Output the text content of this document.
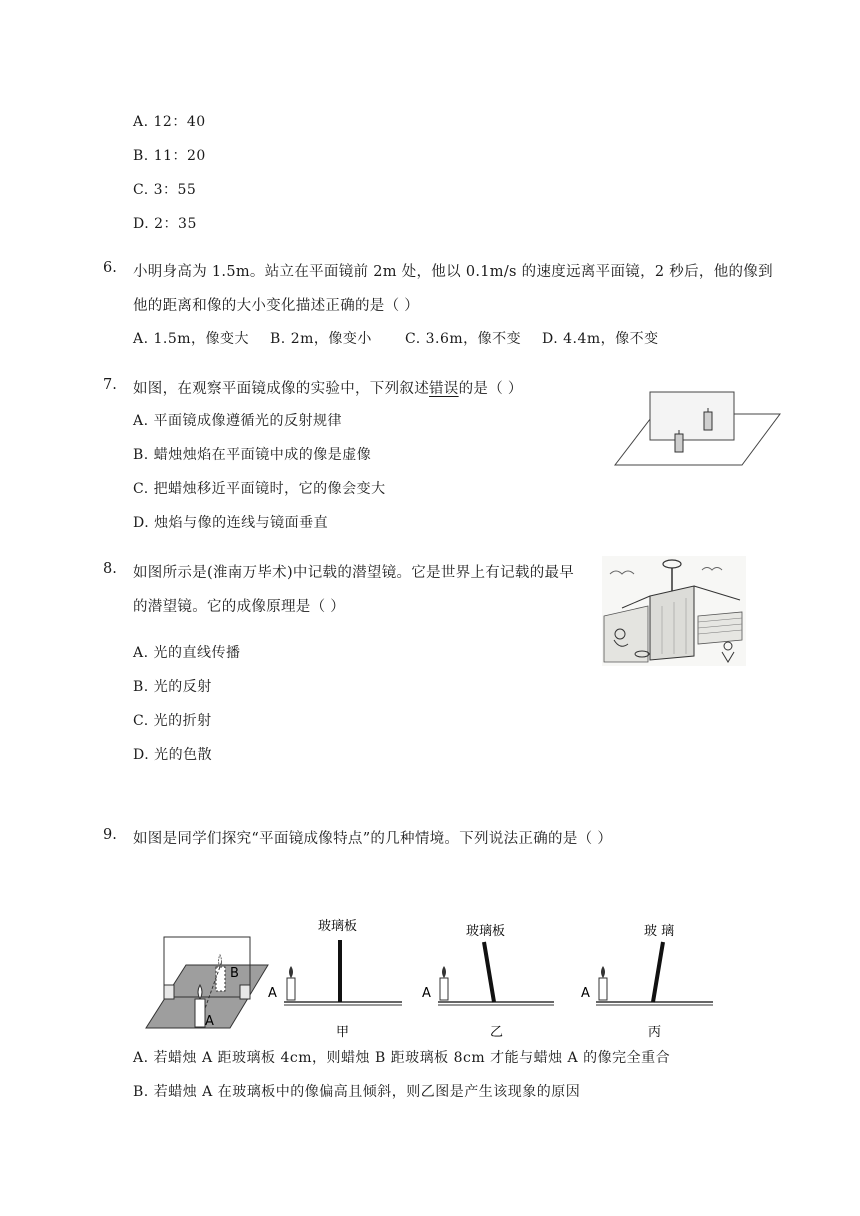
A. 12：40
B. 11：20
C. 3：55
D. 2：35
6. 小明身高为 1.5m。站立在平面镜前 2m 处，他以 0.1m/s 的速度远离平面镜，2 秒后，他的像到
他的距离和像的大小变化描述正确的是（ ）
A. 1.5m，像变大 B. 2m，像变小 C. 3.6m，像不变 D. 4.4m，像不变
7. 如图，在观察平面镜成像的实验中，下列叙述错误的是（ ）
A. 平面镜成像遵循光的反射规律
B. 蜡烛烛焰在平面镜中成的像是虚像
C. 把蜡烛移近平面镜时，它的像会变大
D. 烛焰与像的连线与镜面垂直
8. 如图所示是(淮南万毕术)中记载的潜望镜。它是世界上有记载的最早
的潜望镜。它的成像原理是（ ）
A. 光的直线传播
B. 光的反射
C. 光的折射
D. 光的色散
9. 如图是同学们探究“平面镜成像特点”的几种情境。下列说法正确的是（ ）
B
A
A
玻璃板
甲
A
玻璃板
乙
A
玻 璃
丙
A. 若蜡烛 A 距玻璃板 4cm，则蜡烛 B 距玻璃板 8cm 才能与蜡烛 A 的像完全重合
B. 若蜡烛 A 在玻璃板中的像偏高且倾斜，则乙图是产生该现象的原因
